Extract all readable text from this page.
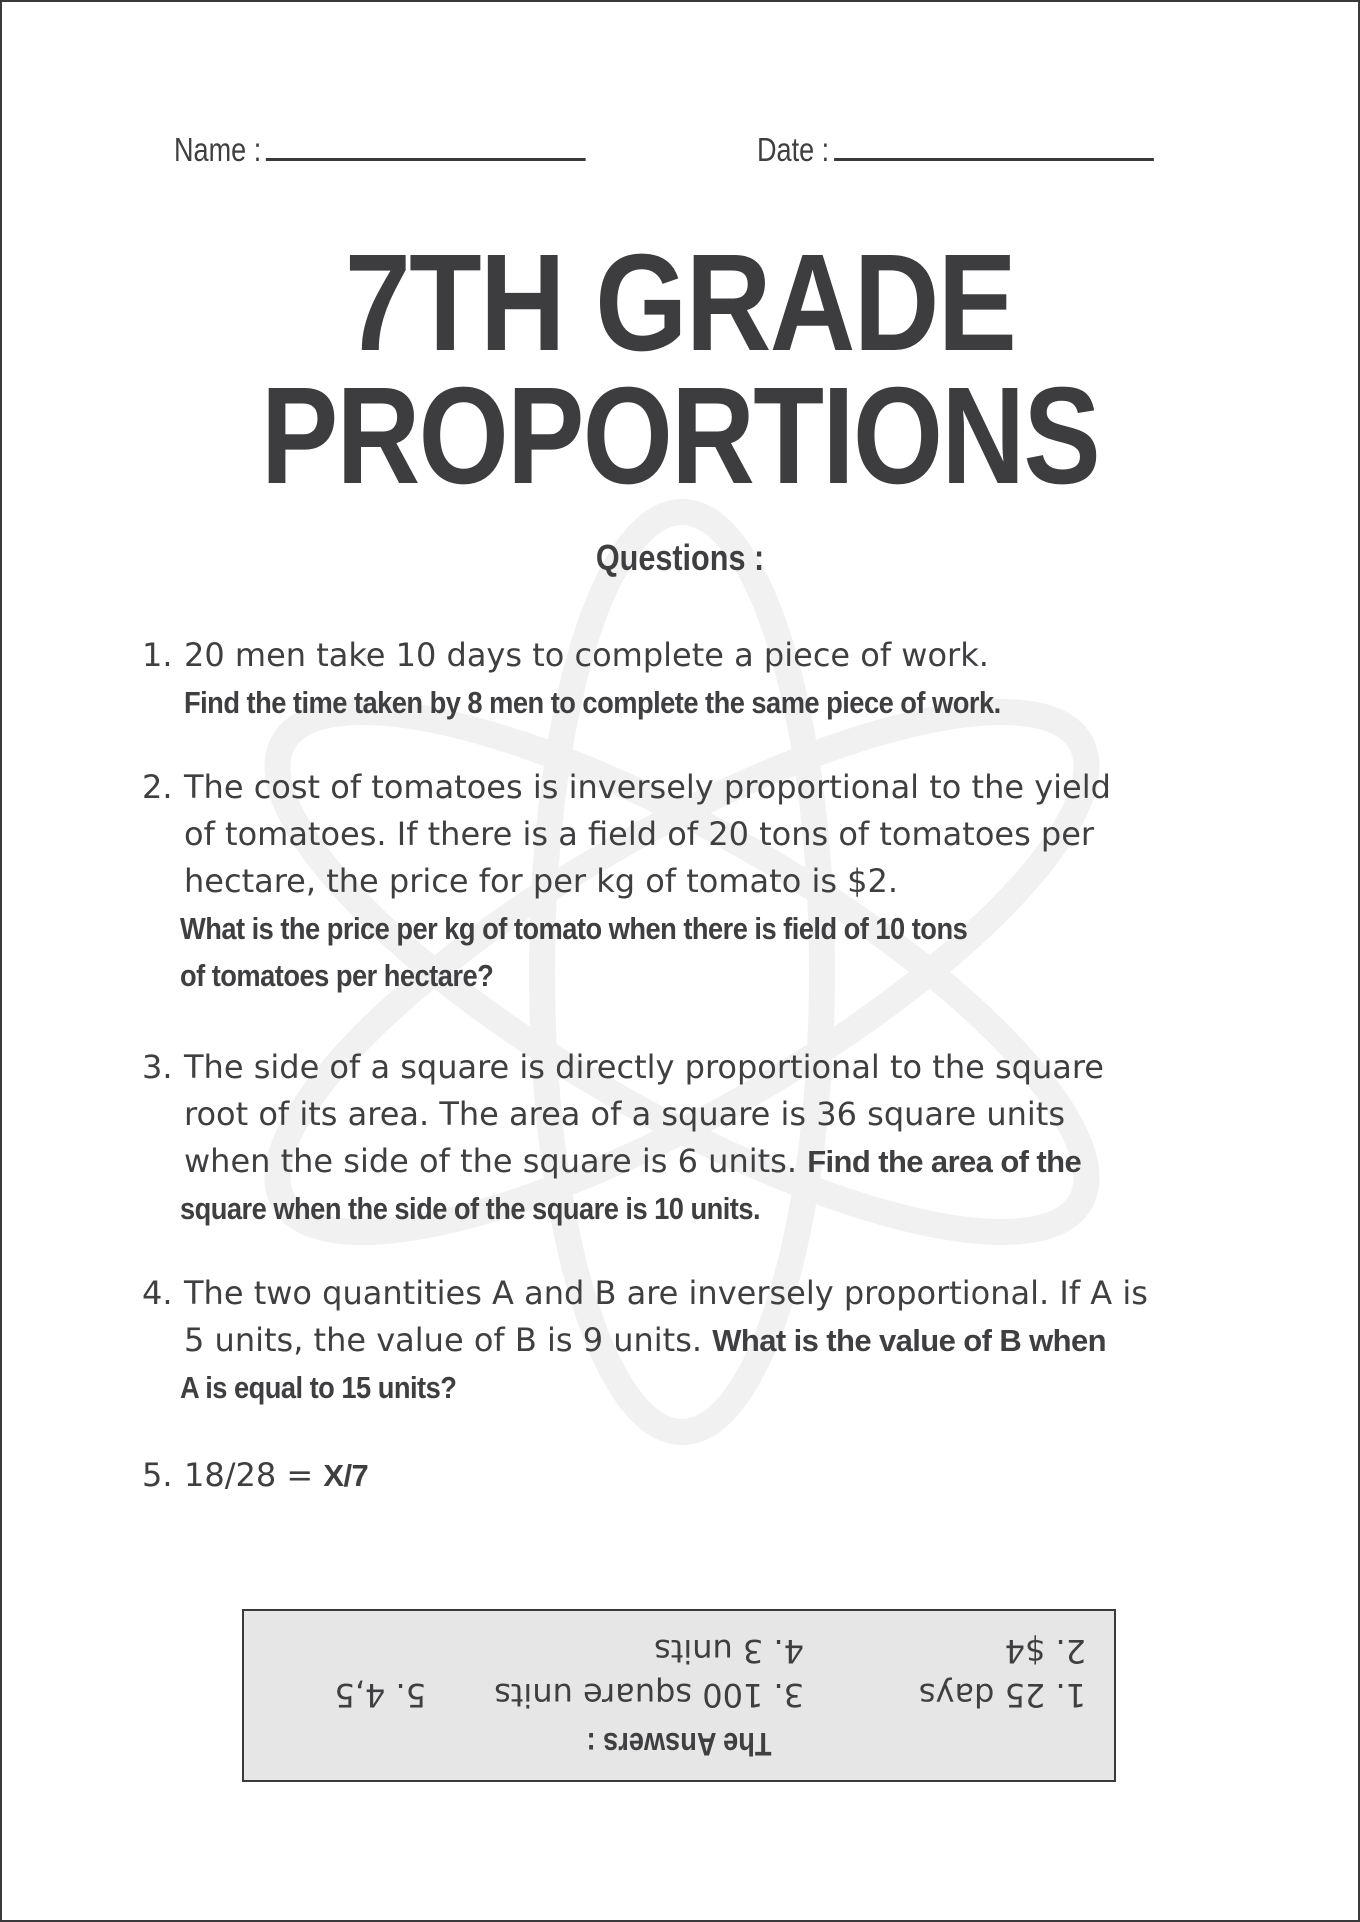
Name :	Date :
7TH GRADE
PROPORTIONS
Questions :
1. 20 men take 10 days to complete a piece of work.
Find the time taken by 8 men to complete the same piece of work.
2. The cost of tomatoes is inversely proportional to the yield
of tomatoes. If there is a field of 20 tons of tomatoes per
hectare, the price for per kg of tomato is $2.
What is the price per kg of tomato when there is field of 10 tons
of tomatoes per hectare?
3. The side of a square is directly proportional to the square
root of its area. The area of a square is 36 square units
when the side of the square is 6 units. Find the area of the
square when the side of the square is 10 units.
4. The two quantities A and B are inversely proportional. If A is
5 units, the value of B is 9 units. What is the value of B when
A is equal to 15 units?
5. 18/28 = X/7
The Answers :
1. 25 days
2. $4
3. 100 square units
4. 3 units
5. 4,5
